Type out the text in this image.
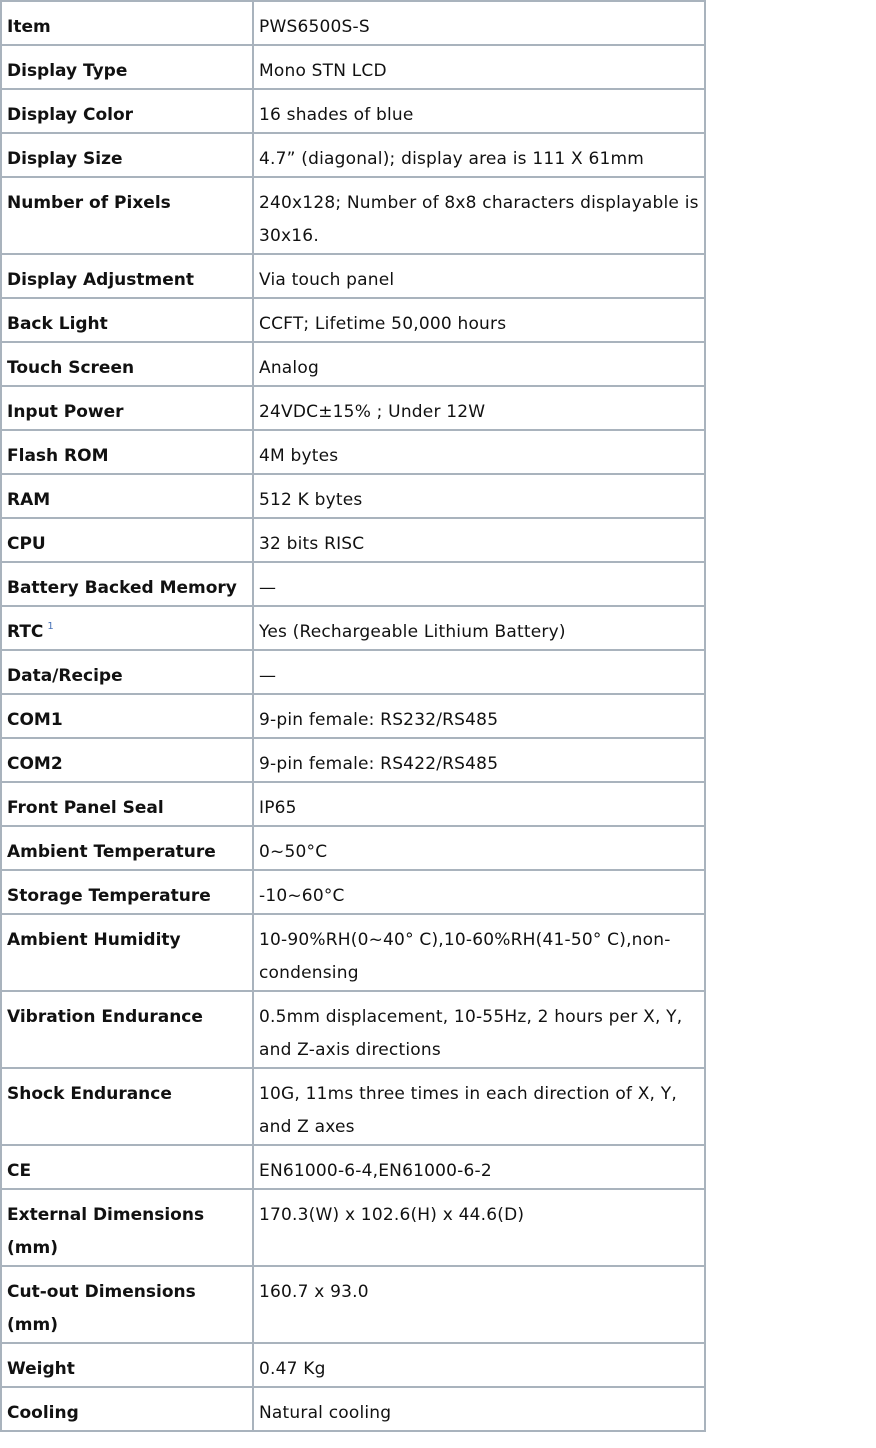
Item	PWS6500S-S
Display Type	Mono STN LCD
Display Color	16 shades of blue
Display Size	4.7” (diagonal); display area is 111 X 61mm
Number of Pixels	240x128; Number of 8x8 characters displayable is 30x16.
Display Adjustment	Via touch panel
Back Light	CCFT; Lifetime 50,000 hours
Touch Screen	Analog
Input Power	24VDC±15% ; Under 12W
Flash ROM	4M bytes
RAM	512 K bytes
CPU	32 bits RISC
Battery Backed Memory	—
RTC $^1$	Yes (Rechargeable Lithium Battery)
Data/Recipe	—
COM1	9-pin female: RS232/RS485
COM2	9-pin female: RS422/RS485
Front Panel Seal	IP65
Ambient Temperature	0~50°C
Storage Temperature	-10~60°C
Ambient Humidity	10-90%RH(0~40° C),10-60%RH(41-50° C),non-condensing
Vibration Endurance	0.5mm displacement, 10-55Hz, 2 hours per X, Y, and Z-axis directions
Shock Endurance	10G, 11ms three times in each direction of X, Y, and Z axes
CE	EN61000-6-4,EN61000-6-2
External Dimensions (mm)	170.3(W) x 102.6(H) x 44.6(D)
Cut-out Dimensions (mm)	160.7 x 93.0
Weight	0.47 Kg
Cooling	Natural cooling
